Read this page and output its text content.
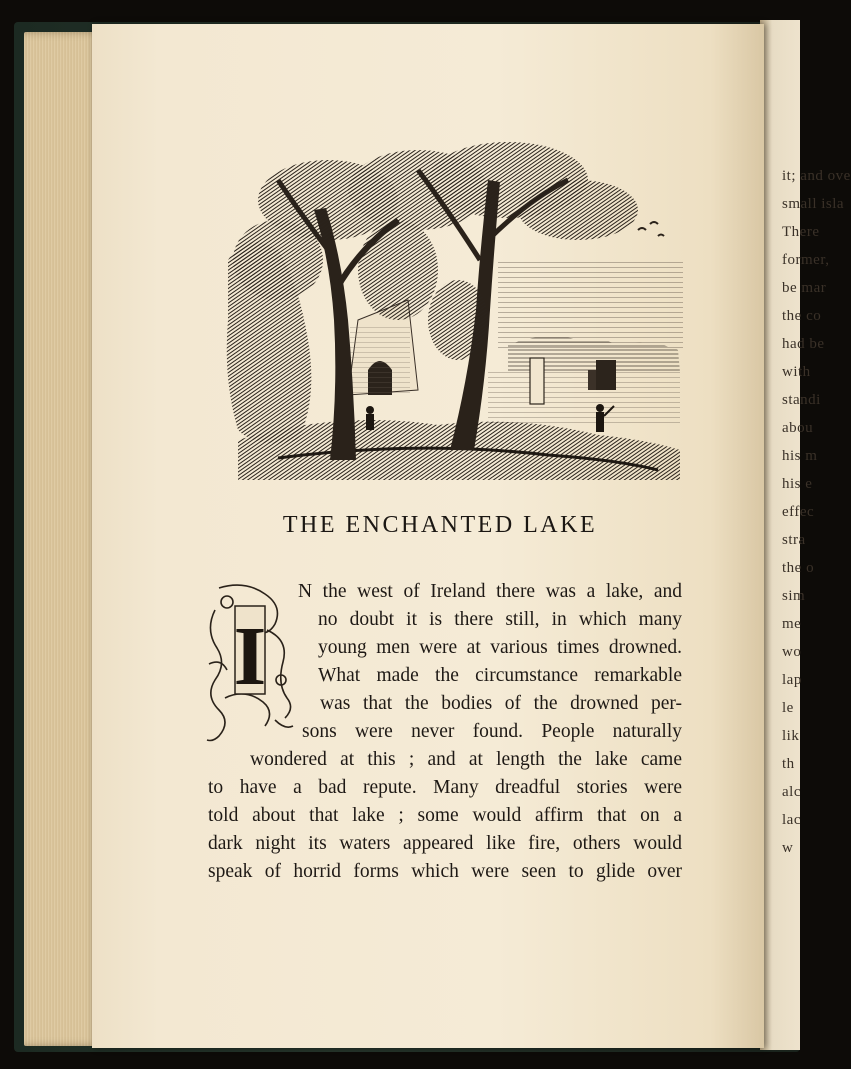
it; and ove
small isla
There
former,
be mar
the co
had be
with
standi
abou
his m
his e
effec
stra
the o
sim
me
wo
lap
le
lik
th
alc
lac
w
THE ENCHANTED LAKE
I
N the west of Ireland there was a lake, and
no doubt it is there still, in which many
young men were at various times drowned.
What made the circumstance remarkable
was that the bodies of the drowned per-
sons were never found. People naturally
wondered at this ; and at length the lake came
to have a bad repute. Many dreadful stories were
told about that lake ; some would affirm that on a
dark night its waters appeared like fire, others would
speak of horrid forms which were seen to glide over
